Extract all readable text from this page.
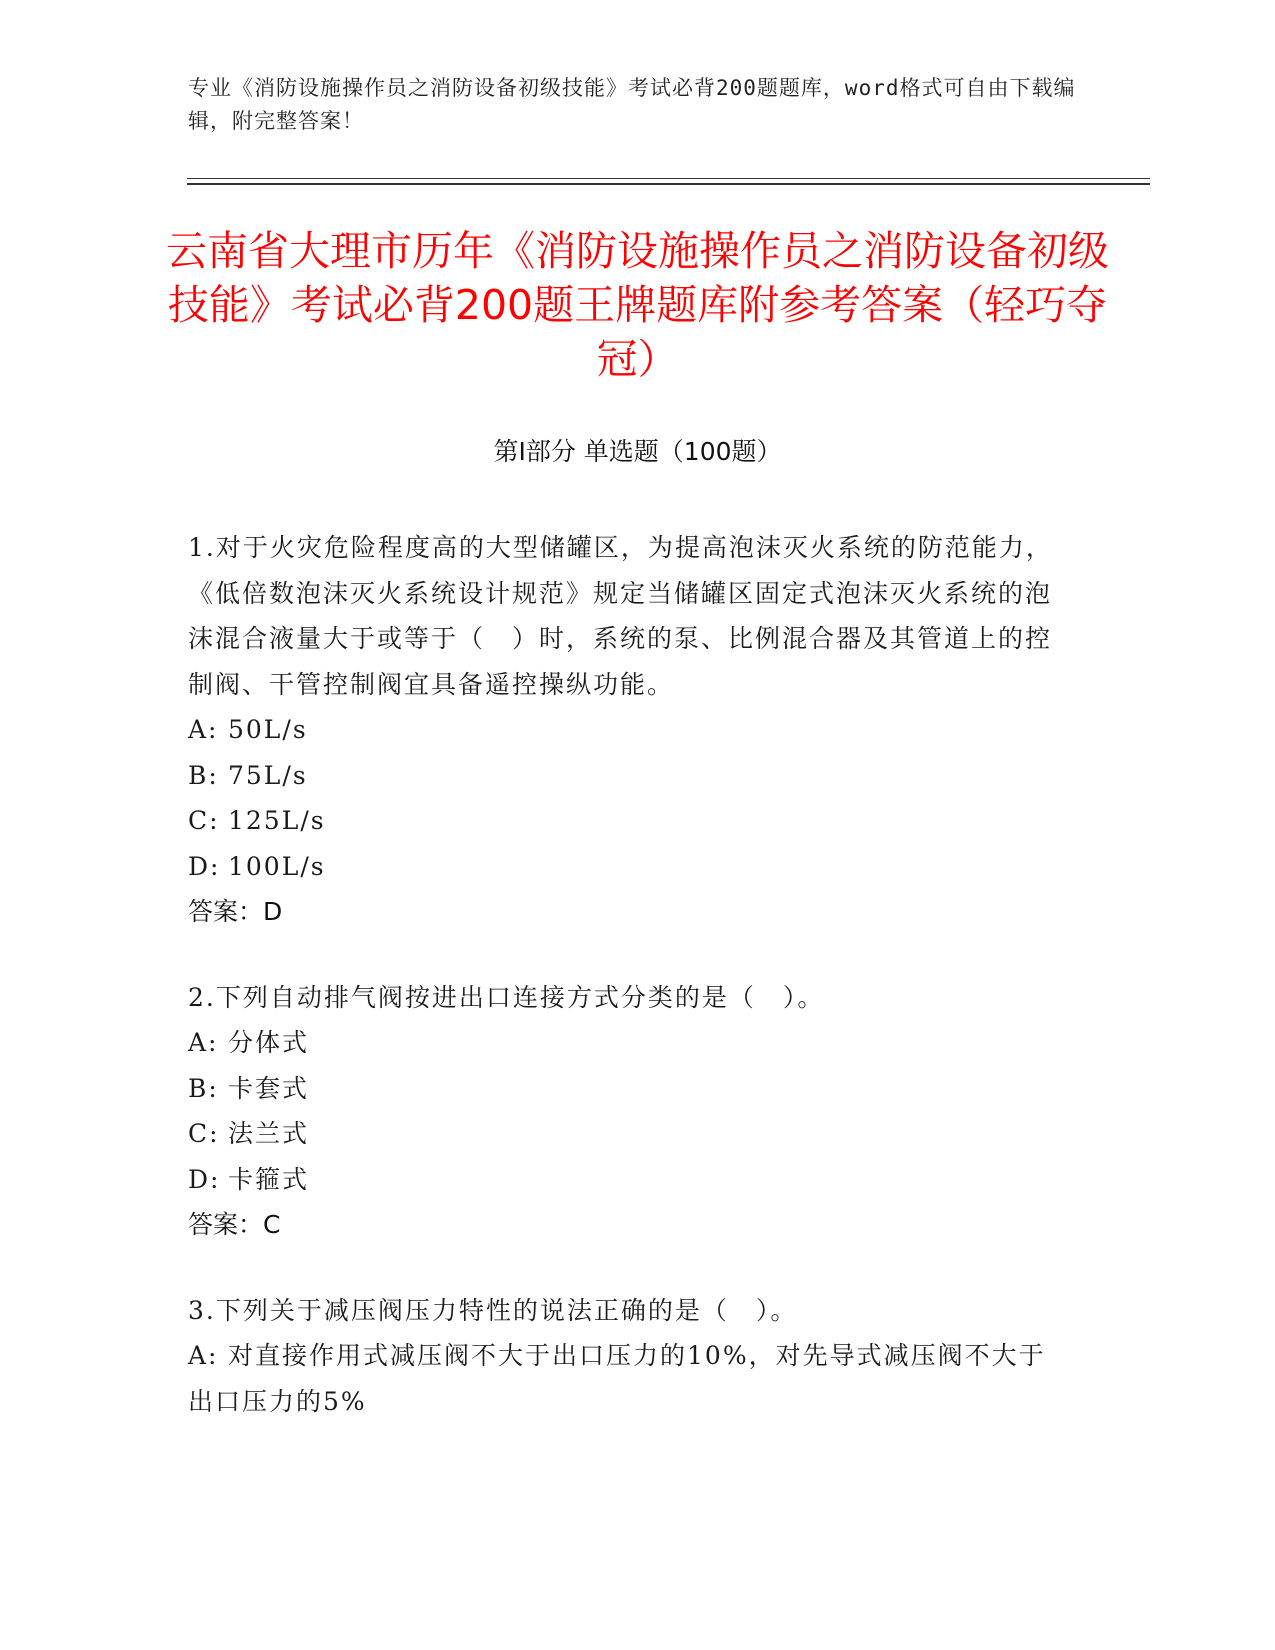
专业《消防设施操作员之消防设备初级技能》考试必背200题题库，word格式可自由下载编辑，附完整答案！
云南省大理市历年《消防设施操作员之消防设备初级技能》考试必背200题王牌题库附参考答案（轻巧夺冠）
第I部分 单选题（100题）
1.对于火灾危险程度高的大型储罐区，为提高泡沫灭火系统的防范能力，《低倍数泡沫灭火系统设计规范》规定当储罐区固定式泡沫灭火系统的泡沫混合液量大于或等于（　）时，系统的泵、比例混合器及其管道上的控制阀、干管控制阀宜具备遥控操纵功能。
A: 50L/s
B: 75L/s
C: 125L/s
D: 100L/s
答案：D
2.下列自动排气阀按进出口连接方式分类的是（　）。
A: 分体式
B: 卡套式
C: 法兰式
D: 卡箍式
答案：C
3.下列关于减压阀压力特性的说法正确的是（　）。
A: 对直接作用式减压阀不大于出口压力的10%，对先导式减压阀不大于出口压力的5%
